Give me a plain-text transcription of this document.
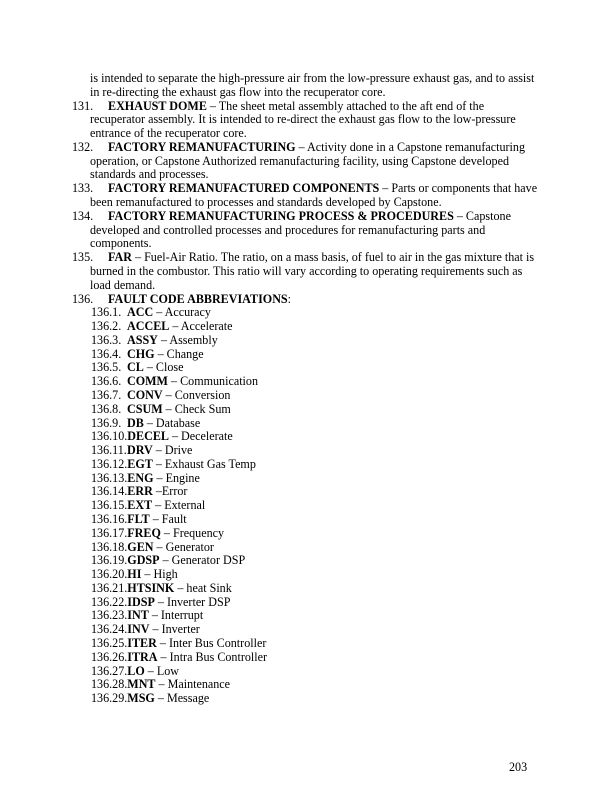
is intended to separate the high-pressure air from the low-pressure exhaust gas, and to assist in re-directing the exhaust gas flow into the recuperator core.
131. EXHAUST DOME – The sheet metal assembly attached to the aft end of the recuperator assembly. It is intended to re-direct the exhaust gas flow to the low-pressure entrance of the recuperator core.
132. FACTORY REMANUFACTURING – Activity done in a Capstone remanufacturing operation, or Capstone Authorized remanufacturing facility, using Capstone developed standards and processes.
133. FACTORY REMANUFACTURED COMPONENTS – Parts or components that have been remanufactured to processes and standards developed by Capstone.
134. FACTORY REMANUFACTURING PROCESS & PROCEDURES – Capstone developed and controlled processes and procedures for remanufacturing parts and components.
135. FAR – Fuel-Air Ratio. The ratio, on a mass basis, of fuel to air in the gas mixture that is burned in the combustor. This ratio will vary according to operating requirements such as load demand.
136. FAULT CODE ABBREVIATIONS:
136.1. ACC – Accuracy
136.2. ACCEL – Accelerate
136.3. ASSY – Assembly
136.4. CHG – Change
136.5. CL – Close
136.6. COMM – Communication
136.7. CONV – Conversion
136.8. CSUM – Check Sum
136.9. DB – Database
136.10.DECEL – Decelerate
136.11.DRV – Drive
136.12.EGT – Exhaust Gas Temp
136.13.ENG – Engine
136.14.ERR –Error
136.15.EXT – External
136.16.FLT – Fault
136.17.FREQ – Frequency
136.18.GEN – Generator
136.19.GDSP – Generator DSP
136.20.HI – High
136.21.HTSINK – heat Sink
136.22.IDSP – Inverter DSP
136.23.INT – Interrupt
136.24.INV – Inverter
136.25.ITER – Inter Bus Controller
136.26.ITRA – Intra Bus Controller
136.27.LO – Low
136.28.MNT – Maintenance
136.29.MSG – Message
203
